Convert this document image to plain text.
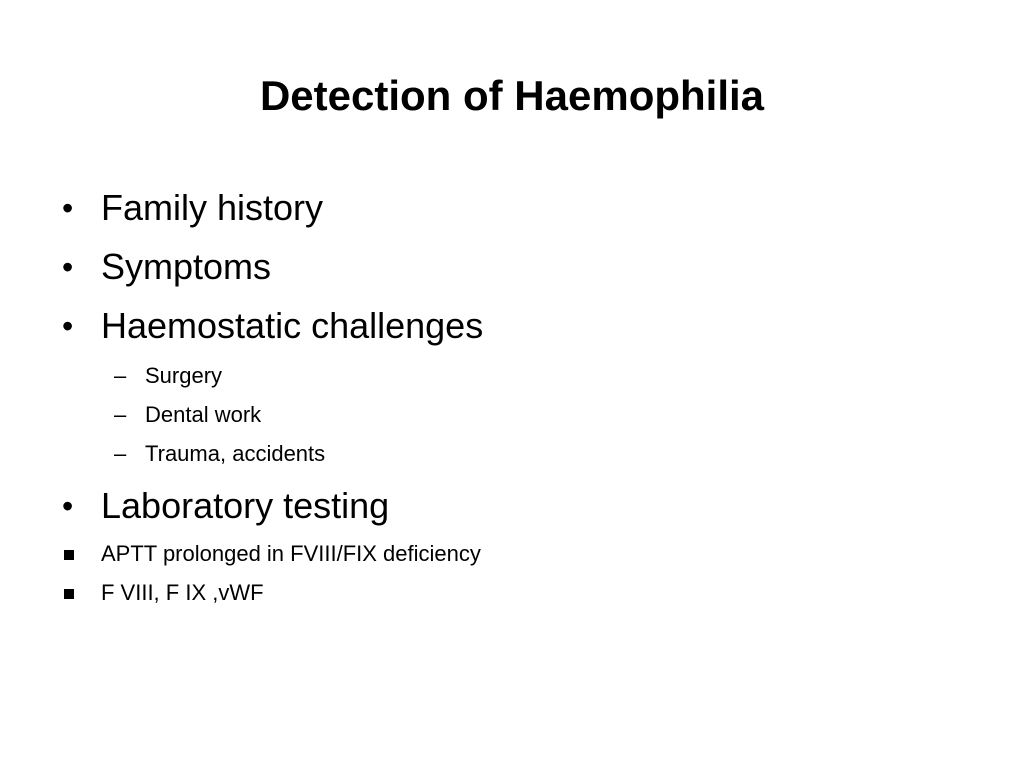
Detection of Haemophilia
• Family history
• Symptoms
• Haemostatic challenges
– Surgery
– Dental work
– Trauma, accidents
• Laboratory testing
APTT prolonged in FVIII/FIX deficiency
F VIII, F IX ,vWF
